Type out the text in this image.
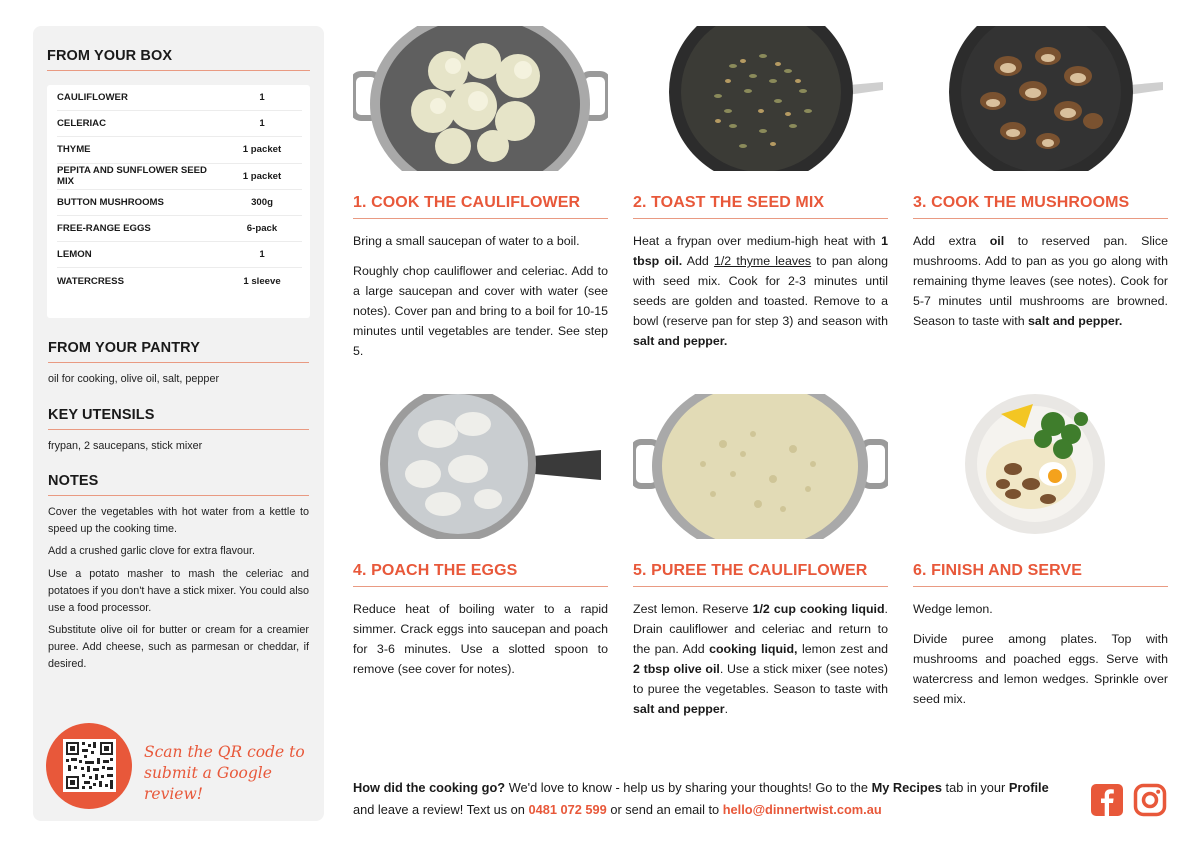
FROM YOUR BOX
CAULIFLOWER	1
CELERIAC	1
THYME	1 packet
PEPITA AND SUNFLOWER SEED MIX	1 packet
BUTTON MUSHROOMS	300g
FREE-RANGE EGGS	6-pack
LEMON	1
WATERCRESS	1 sleeve
FROM YOUR PANTRY
oil for cooking, olive oil, salt, pepper
KEY UTENSILS
frypan, 2 saucepans, stick mixer
NOTES

Cover the vegetables with hot water from a kettle to speed up the cooking time.

Add a crushed garlic clove for extra flavour.

Use a potato masher to mash the celeriac and potatoes if you don't have a stick mixer. You could also use a food processor.

Substitute olive oil for butter or cream for a creamier puree. Add cheese, such as parmesan or cheddar, if desired.

Scan the QR code to
submit a Google review!
1. COOK THE CAULIFLOWER

Bring a small saucepan of water to a boil.

Roughly chop cauliflower and celeriac. Add to a large saucepan and cover with water (see notes). Cover pan and bring to a boil for 10-15 minutes until vegetables are tender. See step 5.

2. TOAST THE SEED MIX

Heat a frypan over medium-high heat with 1 tbsp oil. Add 1/2 thyme leaves to pan along with seed mix. Cook for 2-3 minutes until seeds are golden and toasted. Remove to a bowl (reserve pan for step 3) and season with salt and pepper.

3. COOK THE MUSHROOMS

Add extra oil to reserved pan. Slice mushrooms. Add to pan as you go along with remaining thyme leaves (see notes). Cook for 5-7 minutes until mushrooms are browned. Season to taste with salt and pepper.

4. POACH THE EGGS

Reduce heat of boiling water to a rapid simmer. Crack eggs into saucepan and poach for 3-6 minutes. Use a slotted spoon to remove (see cover for notes).

5. PUREE THE CAULIFLOWER

Zest lemon. Reserve 1/2 cup cooking liquid. Drain cauliflower and celeriac and return to the pan. Add cooking liquid, lemon zest and 2 tbsp olive oil. Use a stick mixer (see notes) to puree the vegetables. Season to taste with salt and pepper.

6. FINISH AND SERVE

Wedge lemon.

Divide puree among plates. Top with mushrooms and poached eggs. Serve with watercress and lemon wedges. Sprinkle over seed mix.

How did the cooking go? We'd love to know - help us by sharing your thoughts! Go to the My Recipes tab in your Profile and leave a review! Text us on 0481 072 599 or send an email to hello@dinnertwist.com.au
